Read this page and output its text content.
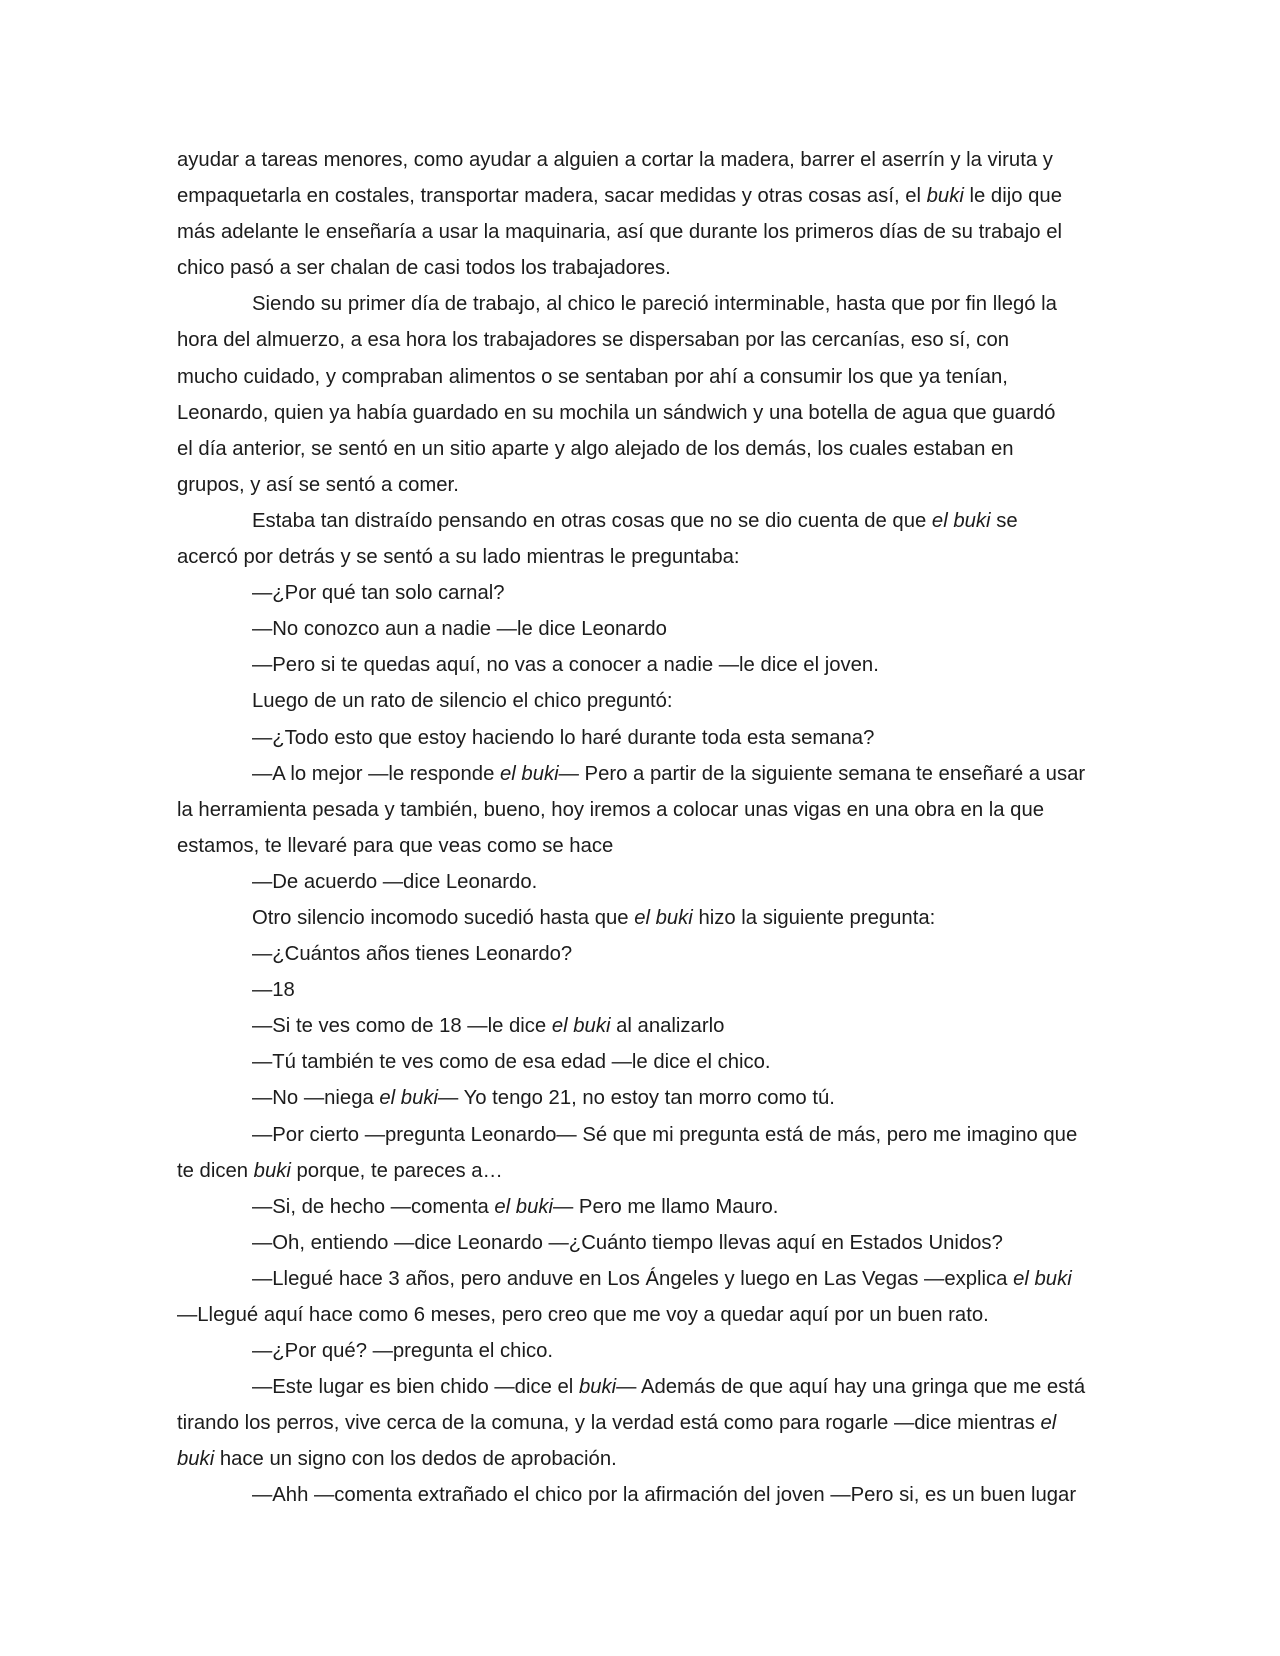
ayudar a tareas menores, como ayudar a alguien a cortar la madera, barrer el aserrín y la viruta y
empaquetarla en costales, transportar madera, sacar medidas y otras cosas así, el buki le dijo que
más adelante le enseñaría a usar la maquinaria, así que durante los primeros días de su trabajo el
chico pasó a ser chalan de casi todos los trabajadores.
Siendo su primer día de trabajo, al chico le pareció interminable, hasta que por fin llegó la
hora del almuerzo, a esa hora los trabajadores se dispersaban por las cercanías, eso sí, con
mucho cuidado, y compraban alimentos o se sentaban por ahí a consumir los que ya tenían,
Leonardo, quien ya había guardado en su mochila un sándwich y una botella de agua que guardó
el día anterior, se sentó en un sitio aparte y algo alejado de los demás, los cuales estaban en
grupos, y así se sentó a comer.
Estaba tan distraído pensando en otras cosas que no se dio cuenta de que el buki se
acercó por detrás y se sentó a su lado mientras le preguntaba:
—¿Por qué tan solo carnal?
—No conozco aun a nadie —le dice Leonardo
—Pero si te quedas aquí, no vas a conocer a nadie —le dice el joven.
Luego de un rato de silencio el chico preguntó:
—¿Todo esto que estoy haciendo lo haré durante toda esta semana?
—A lo mejor —le responde el buki— Pero a partir de la siguiente semana te enseñaré a usar
la herramienta pesada y también, bueno, hoy iremos a colocar unas vigas en una obra en la que
estamos, te llevaré para que veas como se hace
—De acuerdo —dice Leonardo.
Otro silencio incomodo sucedió hasta que el buki hizo la siguiente pregunta:
—¿Cuántos años tienes Leonardo?
—18
—Si te ves como de 18 —le dice el buki al analizarlo
—Tú también te ves como de esa edad —le dice el chico.
—No —niega el buki— Yo tengo 21, no estoy tan morro como tú.
—Por cierto —pregunta Leonardo— Sé que mi pregunta está de más, pero me imagino que
te dicen buki porque, te pareces a…
—Si, de hecho —comenta el buki— Pero me llamo Mauro.
—Oh, entiendo —dice Leonardo —¿Cuánto tiempo llevas aquí en Estados Unidos?
—Llegué hace 3 años, pero anduve en Los Ángeles y luego en Las Vegas —explica el buki
—Llegué aquí hace como 6 meses, pero creo que me voy a quedar aquí por un buen rato.
—¿Por qué? —pregunta el chico.
—Este lugar es bien chido —dice el buki— Además de que aquí hay una gringa que me está
tirando los perros, vive cerca de la comuna, y la verdad está como para rogarle —dice mientras el
buki hace un signo con los dedos de aprobación.
—Ahh —comenta extrañado el chico por la afirmación del joven —Pero si, es un buen lugar
